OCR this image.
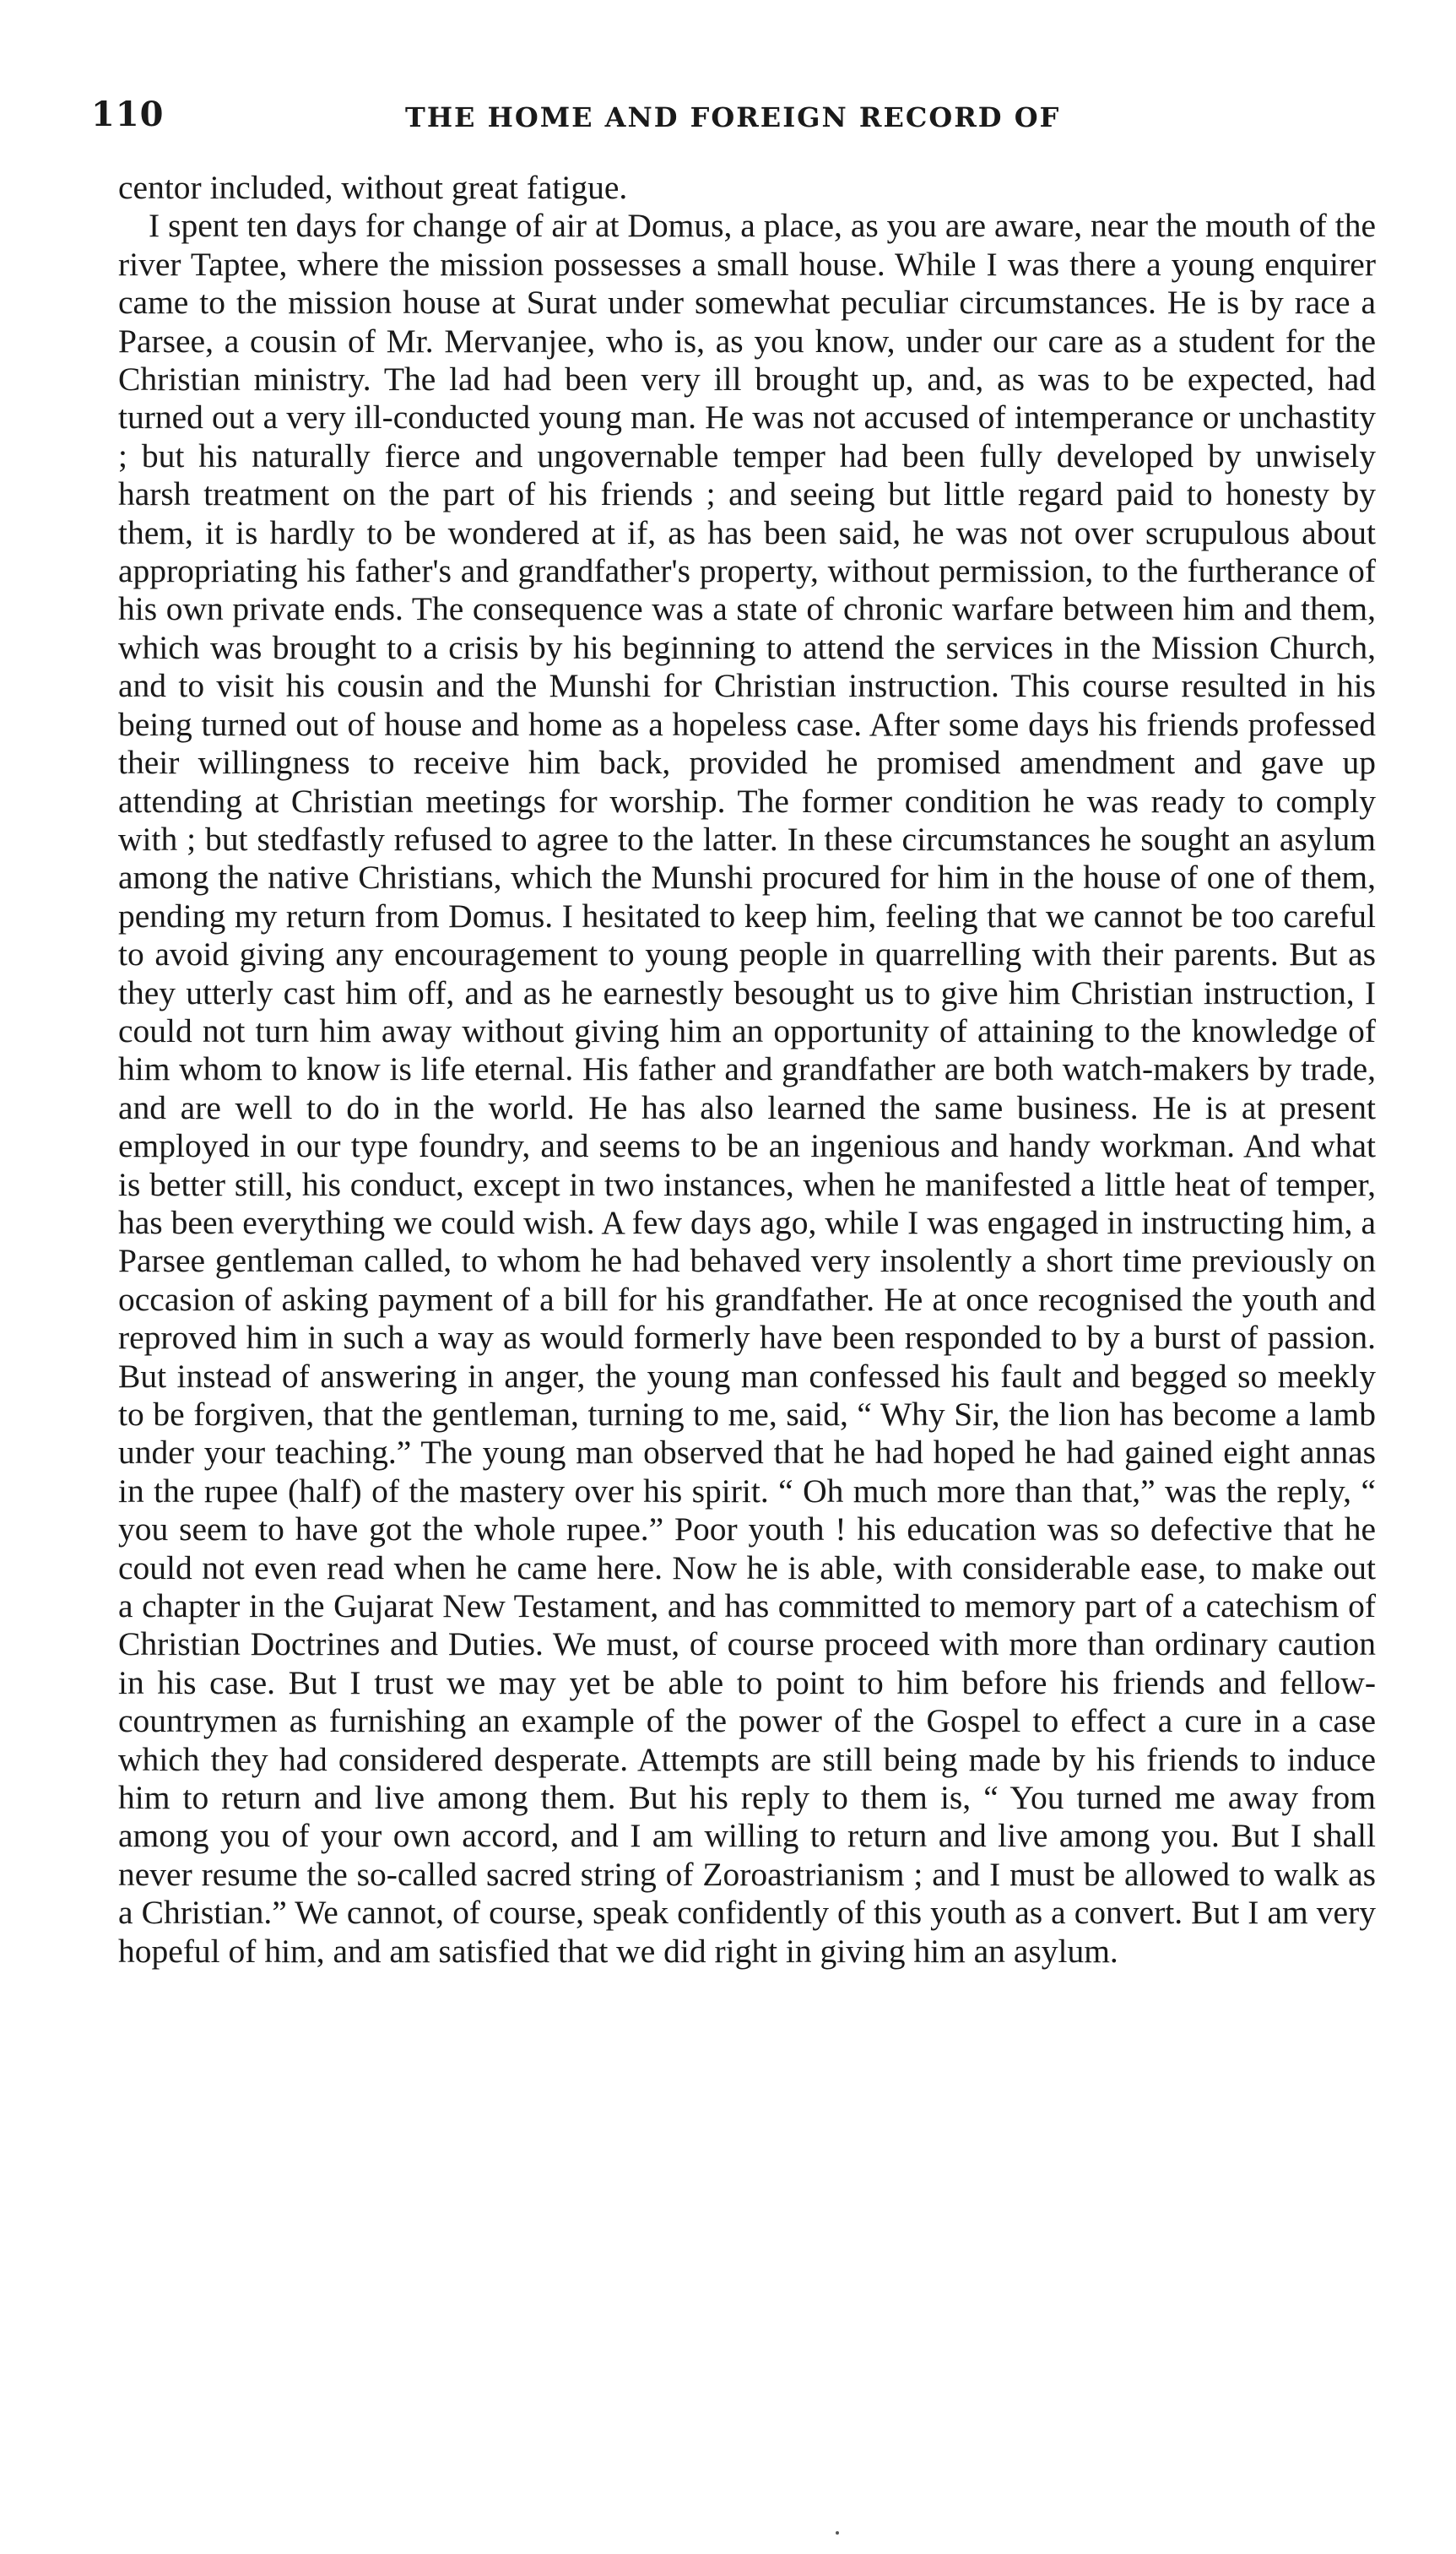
110	THE HOME AND FOREIGN RECORD OF

centor included, without great fatigue.

I spent ten days for change of air at Domus, a place, as you are aware, near the mouth of the river Taptee, where the mission possesses a small house. While I was there a young enquirer came to the mission house at Surat under somewhat peculiar circumstances. He is by race a Parsee, a cousin of Mr. Mervanjee, who is, as you know, under our care as a student for the Christian ministry. The lad had been very ill brought up, and, as was to be expected, had turned out a very ill-conducted young man. He was not accused of intemperance or unchastity ; but his naturally fierce and ungovernable temper had been fully developed by unwisely harsh treatment on the part of his friends ; and seeing but little regard paid to honesty by them, it is hardly to be wondered at if, as has been said, he was not over scrupulous about appropriating his father's and grandfather's property, without permission, to the furtherance of his own private ends. The consequence was a state of chronic warfare between him and them, which was brought to a crisis by his beginning to attend the services in the Mission Church, and to visit his cousin and the Munshi for Christian instruction. This course resulted in his being turned out of house and home as a hopeless case. After some days his friends professed their willingness to receive him back, provided he promised amendment and gave up attending at Christian meetings for worship. The former condition he was ready to comply with ; but stedfastly refused to agree to the latter. In these circumstances he sought an asylum among the native Christians, which the Munshi procured for him in the house of one of them, pending my return from Domus. I hesitated to keep him, feeling that we cannot be too careful to avoid giving any encouragement to young people in quarrelling with their parents. But as they utterly cast him off, and as he earnestly besought us to give him Christian instruction, I could not turn him away without giving him an opportunity of attaining to the knowledge of him whom to know is life eternal. His father and grandfather are both watch-makers by trade, and are well to do in the world. He has also learned the same business. He is at present employed in our type foundry, and seems to be an ingenious and handy workman. And what is better still, his conduct, except in two instances, when he manifested a little heat of temper, has been everything we could wish. A few days ago, while I was engaged in instructing him, a Parsee gentleman called, to whom he had behaved very insolently a short time previously on occasion of asking payment of a bill for his grandfather. He at once recognised the youth and reproved him in such a way as would formerly have been responded to by a burst of passion. But instead of answering in anger, the young man confessed his fault and begged so meekly to be forgiven, that the gentleman, turning to me, said, “ Why Sir, the lion has become a lamb under your teaching.” The young man observed that he had hoped he had gained eight annas in the rupee (half) of the mastery over his spirit. “ Oh much more than that,” was the reply, “ you seem to have got the whole rupee.” Poor youth ! his education was so defective that he could not even read when he came here. Now he is able, with considerable ease, to make out a chapter in the Gujarat New Testament, and has committed to memory part of a catechism of Christian Doctrines and Duties. We must, of course proceed with more than ordinary caution in his case. But I trust we may yet be able to point to him before his friends and fellow-countrymen as furnishing an example of the power of the Gospel to effect a cure in a case which they had considered desperate. Attempts are still being made by his friends to induce him to return and live among them. But his reply to them is, “ You turned me away from among you of your own accord, and I am willing to return and live among you. But I shall never resume the so-called sacred string of Zoroastrianism ; and I must be allowed to walk as a Christian.” We cannot, of course, speak confidently of this youth as a convert. But I am very hopeful of him, and am satisfied that we did right in giving him an asylum.
